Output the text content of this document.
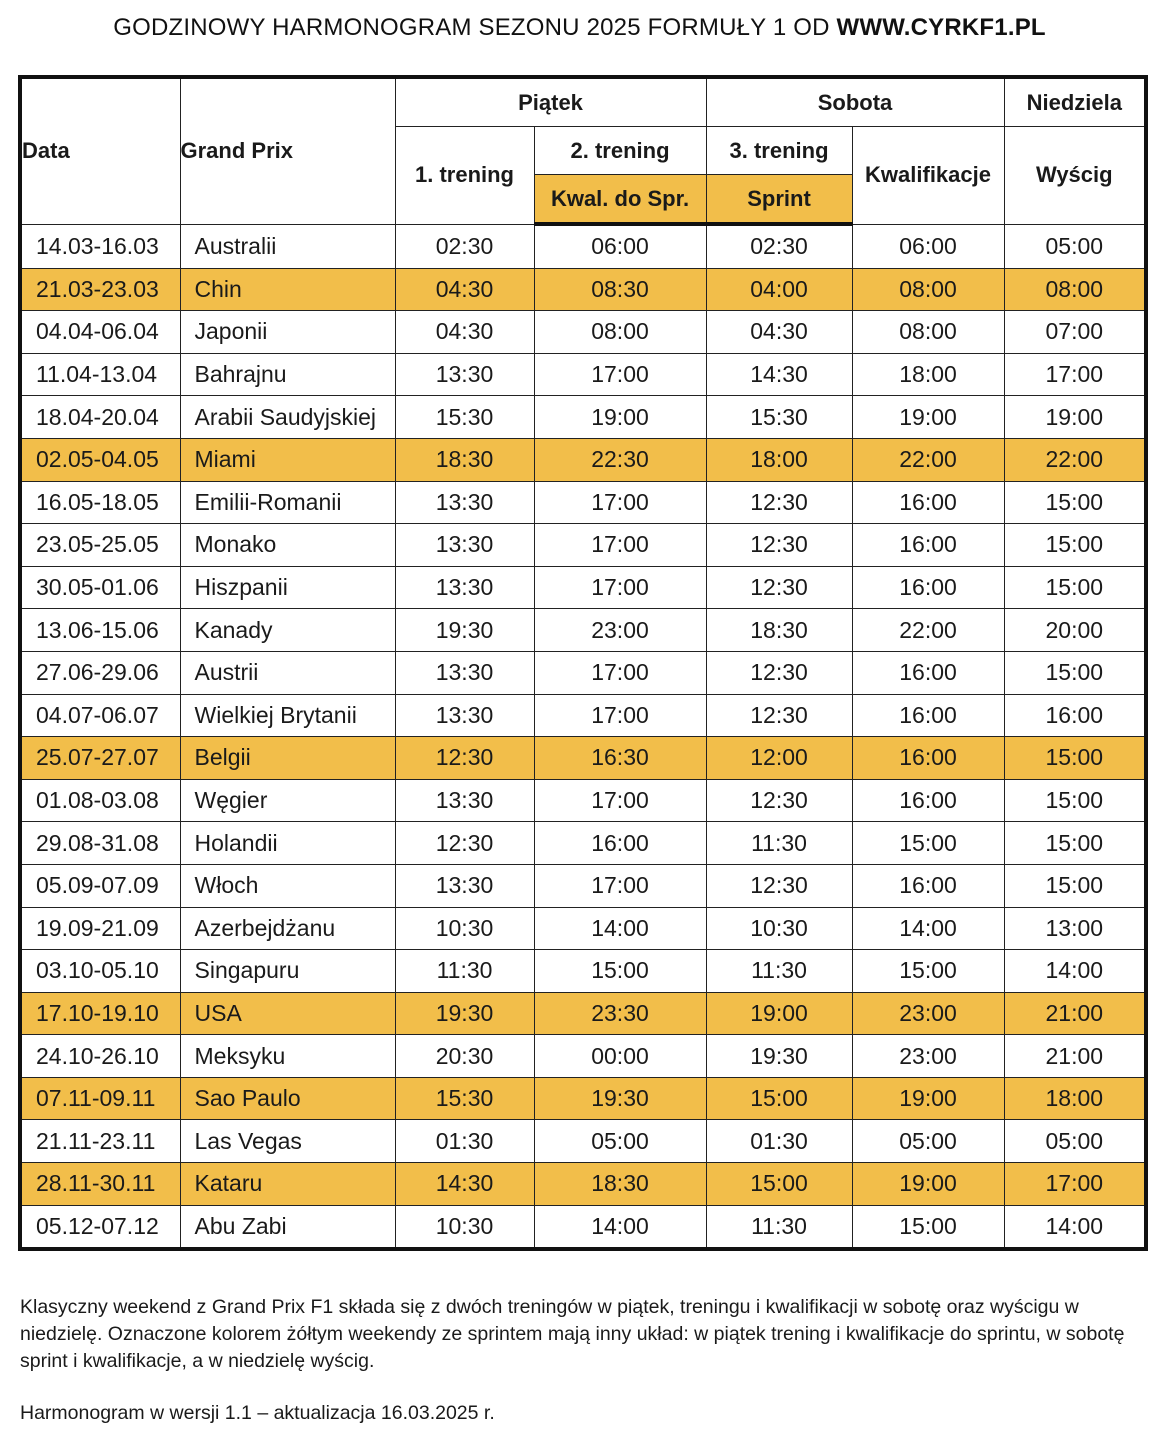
GODZINOWY HARMONOGRAM SEZONU 2025 FORMUŁY 1 OD WWW.CYRKF1.PL
Data	Grand Prix	Piątek		Sobota		Niedziela
		1. trening	2. trening	3. trening	Kwalifikacje	Wyścig
			Kwal. do Spr.	Sprint		
14.03-16.03	Australii	02:30	06:00	02:30	06:00	05:00
21.03-23.03	Chin	04:30	08:30	04:00	08:00	08:00
04.04-06.04	Japonii	04:30	08:00	04:30	08:00	07:00
11.04-13.04	Bahrajnu	13:30	17:00	14:30	18:00	17:00
18.04-20.04	Arabii Saudyjskiej	15:30	19:00	15:30	19:00	19:00
02.05-04.05	Miami	18:30	22:30	18:00	22:00	22:00
16.05-18.05	Emilii-Romanii	13:30	17:00	12:30	16:00	15:00
23.05-25.05	Monako	13:30	17:00	12:30	16:00	15:00
30.05-01.06	Hiszpanii	13:30	17:00	12:30	16:00	15:00
13.06-15.06	Kanady	19:30	23:00	18:30	22:00	20:00
27.06-29.06	Austrii	13:30	17:00	12:30	16:00	15:00
04.07-06.07	Wielkiej Brytanii	13:30	17:00	12:30	16:00	16:00
25.07-27.07	Belgii	12:30	16:30	12:00	16:00	15:00
01.08-03.08	Węgier	13:30	17:00	12:30	16:00	15:00
29.08-31.08	Holandii	12:30	16:00	11:30	15:00	15:00
05.09-07.09	Włoch	13:30	17:00	12:30	16:00	15:00
19.09-21.09	Azerbejdżanu	10:30	14:00	10:30	14:00	13:00
03.10-05.10	Singapuru	11:30	15:00	11:30	15:00	14:00
17.10-19.10	USA	19:30	23:30	19:00	23:00	21:00
24.10-26.10	Meksyku	20:30	00:00	19:30	23:00	21:00
07.11-09.11	Sao Paulo	15:30	19:30	15:00	19:00	18:00
21.11-23.11	Las Vegas	01:30	05:00	01:30	05:00	05:00
28.11-30.11	Kataru	14:30	18:30	15:00	19:00	17:00
05.12-07.12	Abu Zabi	10:30	14:00	11:30	15:00	14:00
Klasyczny weekend z Grand Prix F1 składa się z dwóch treningów w piątek, treningu i kwalifikacji w sobotę oraz wyścigu w niedzielę. Oznaczone kolorem żółtym weekendy ze sprintem mają inny układ: w piątek trening i kwalifikacje do sprintu, w sobotę sprint i kwalifikacje, a w niedzielę wyścig.
Harmonogram w wersji 1.1 – aktualizacja 16.03.2025 r.
